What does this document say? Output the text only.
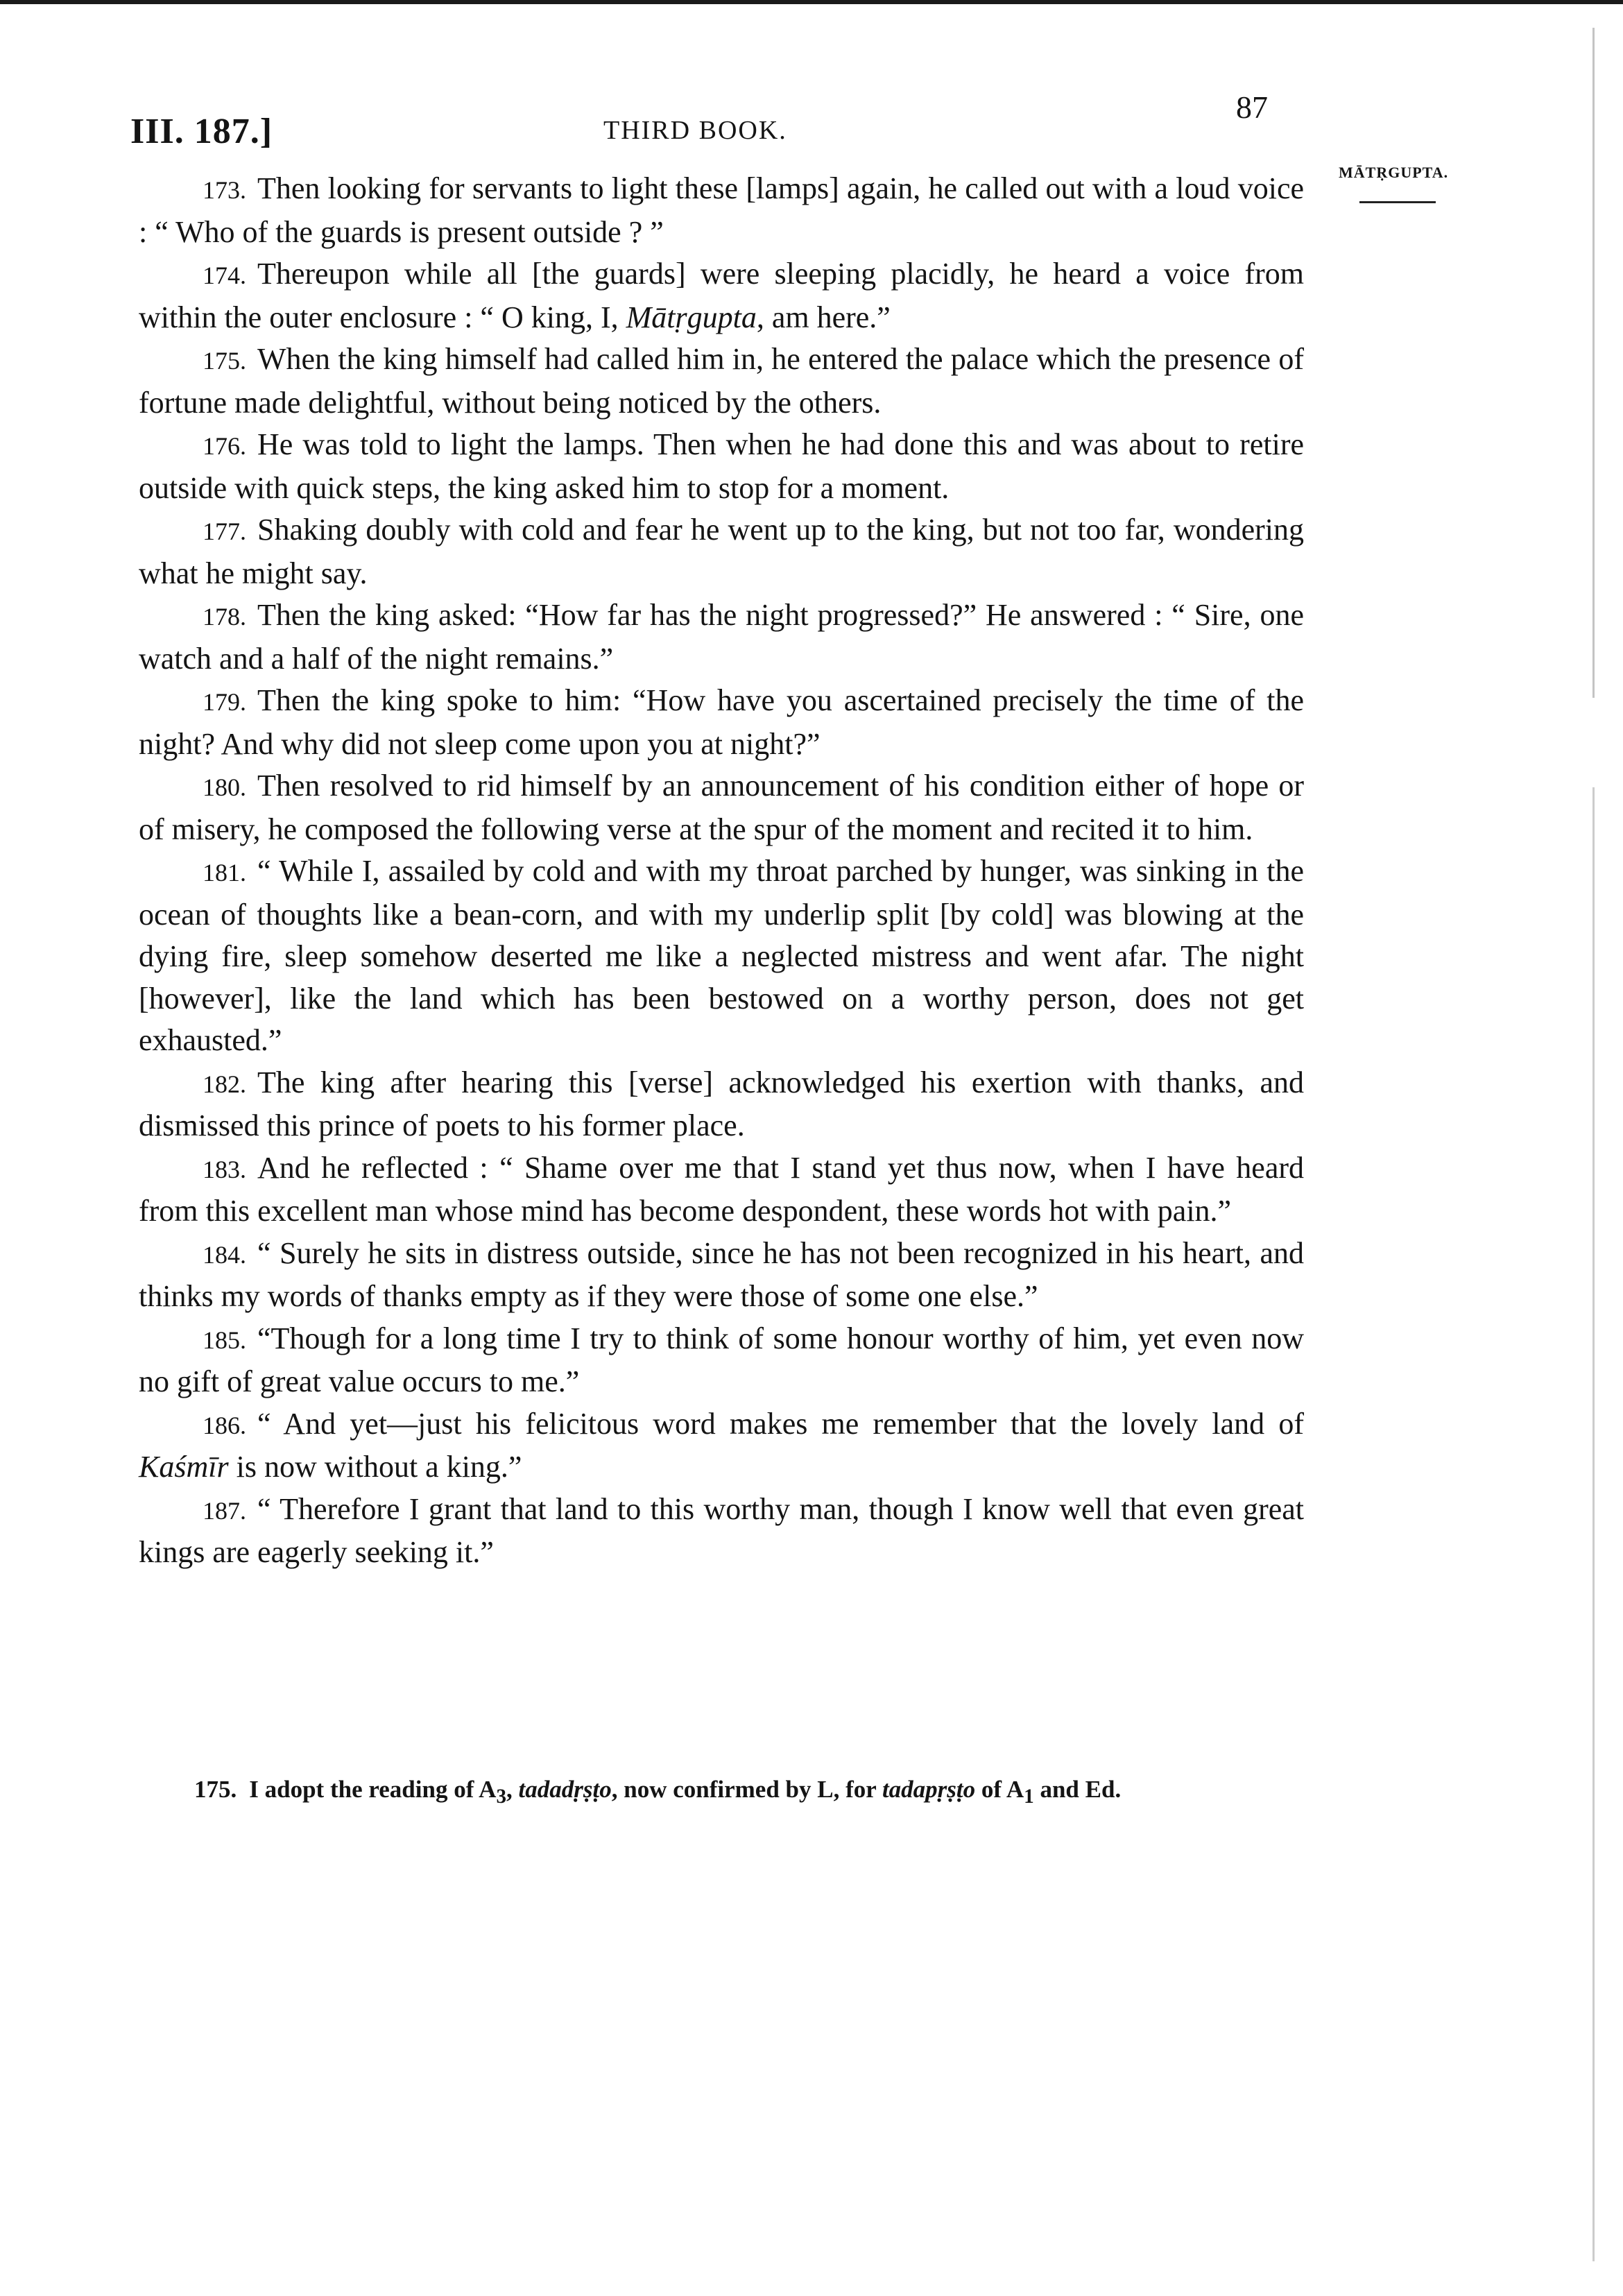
III. 187.]	THIRD BOOK.
87
MĀTṚGUPTA.

173. Then looking for servants to light these [lamps] again, he called out with a loud voice : “ Who of the guards is present outside ? ”

174. Thereupon while all [the guards] were sleeping placidly, he heard a voice from within the outer enclosure : “ O king, I, Mātṛgupta, am here.”

175. When the king himself had called him in, he entered the palace which the presence of fortune made delightful, without being noticed by the others.

176. He was told to light the lamps. Then when he had done this and was about to retire outside with quick steps, the king asked him to stop for a moment.

177. Shaking doubly with cold and fear he went up to the king, but not too far, wondering what he might say.

178. Then the king asked: “How far has the night progressed?” He answered : “ Sire, one watch and a half of the night remains.”

179. Then the king spoke to him: “How have you ascertained precisely the time of the night? And why did not sleep come upon you at night?”

180. Then resolved to rid himself by an announcement of his condition either of hope or of misery, he composed the following verse at the spur of the moment and recited it to him.

181. “ While I, assailed by cold and with my throat parched by hunger, was sinking in the ocean of thoughts like a bean-corn, and with my underlip split [by cold] was blowing at the dying fire, sleep somehow deserted me like a neglected mistress and went afar. The night [however], like the land which has been bestowed on a worthy person, does not get exhausted.”

182. The king after hearing this [verse] acknowledged his exertion with thanks, and dismissed this prince of poets to his former place.

183. And he reflected : “ Shame over me that I stand yet thus now, when I have heard from this excellent man whose mind has become despondent, these words hot with pain.”

184. “ Surely he sits in distress outside, since he has not been recognized in his heart, and thinks my words of thanks empty as if they were those of some one else.”

185. “Though for a long time I try to think of some honour worthy of him, yet even now no gift of great value occurs to me.”

186. “ And yet—just his felicitous word makes me remember that the lovely land of Kaśmīr is now without a king.”

187. “ Therefore I grant that land to this worthy man, though I know well that even great kings are eagerly seeking it.”

175. I adopt the reading of $A_3$, tadadṛṣṭo, now confirmed by L, for tadapṛṣṭo of $A_1$ and Ed.
